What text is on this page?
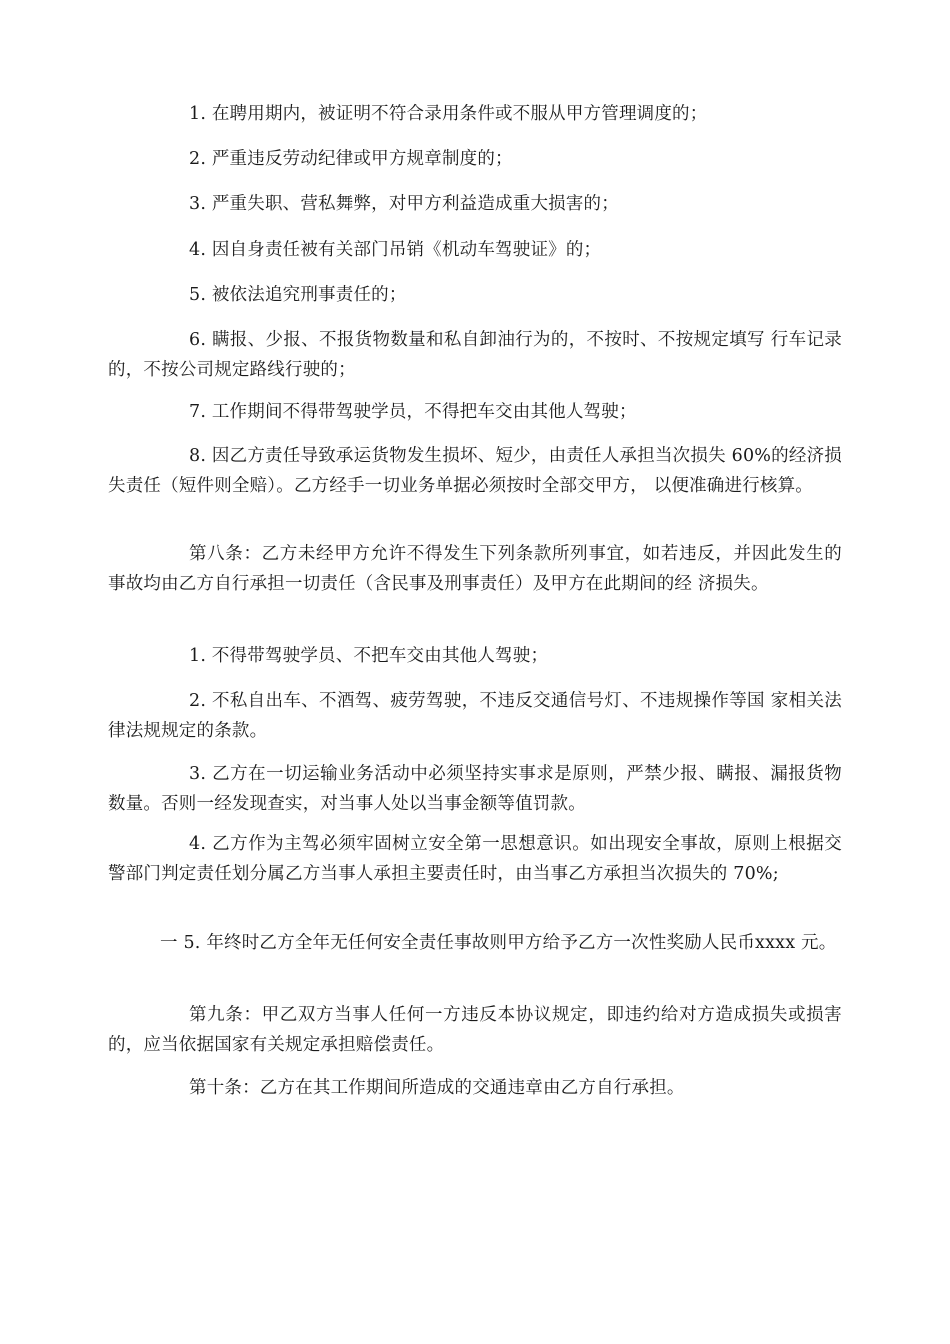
1. 在聘用期内，被证明不符合录用条件或不服从甲方管理调度的；

2. 严重违反劳动纪律或甲方规章制度的；

3. 严重失职、营私舞弊，对甲方利益造成重大损害的；

4. 因自身责任被有关部门吊销《机动车驾驶证》的；

5. 被依法追究刑事责任的；

6. 瞒报、少报、不报货物数量和私自卸油行为的，不按时、不按规定填写 行车记录的，不按公司规定路线行驶的；

7. 工作期间不得带驾驶学员，不得把车交由其他人驾驶；

8. 因乙方责任导致承运货物发生损坏、短少，由责任人承担当次损失 60%的经济损失责任（短件则全赔）。乙方经手一切业务单据必须按时全部交甲方， 以便准确进行核算。

第八条：乙方未经甲方允许不得发生下列条款所列事宜，如若违反，并因此发生的事故均由乙方自行承担一切责任（含民事及刑事责任）及甲方在此期间的经 济损失。

1. 不得带驾驶学员、不把车交由其他人驾驶；

2. 不私自出车、不酒驾、疲劳驾驶，不违反交通信号灯、不违规操作等国 家相关法律法规规定的条款。

3. 乙方在一切运输业务活动中必须坚持实事求是原则，严禁少报、瞒报、漏报货物数量。否则一经发现查实，对当事人处以当事金额等值罚款。

4. 乙方作为主驾必须牢固树立安全第一思想意识。如出现安全事故，原则上根据交警部门判定责任划分属乙方当事人承担主要责任时，由当事乙方承担当次损失的 70%;

一 5. 年终时乙方全年无任何安全责任事故则甲方给予乙方一次性奖励人民币xxxx 元。

第九条：甲乙双方当事人任何一方违反本协议规定，即违约给对方造成损失或损害的，应当依据国家有关规定承担赔偿责任。

第十条：乙方在其工作期间所造成的交通违章由乙方自行承担。
